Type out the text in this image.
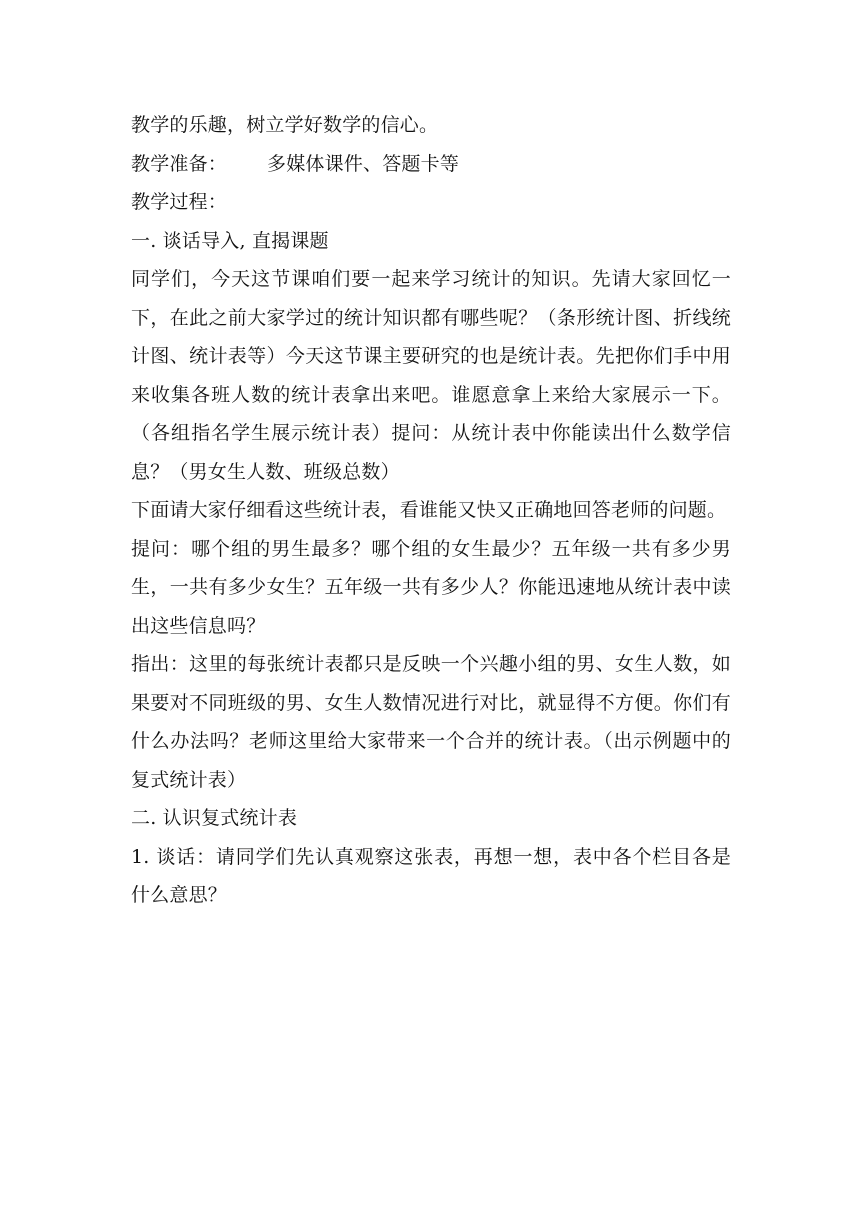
教学的乐趣，树立学好数学的信心。

教学准备： 多媒体课件、答题卡等

教学过程：

一. 谈话导入, 直揭课题

同学们，今天这节课咱们要一起来学习统计的知识。先请大家回忆一下，在此之前大家学过的统计知识都有哪些呢？（条形统计图、折线统计图、统计表等）今天这节课主要研究的也是统计表。先把你们手中用来收集各班人数的统计表拿出来吧。谁愿意拿上来给大家展示一下。（各组指名学生展示统计表）提问：从统计表中你能读出什么数学信息？（男女生人数、班级总数）

下面请大家仔细看这些统计表，看谁能又快又正确地回答老师的问题。

提问：哪个组的男生最多？哪个组的女生最少？五年级一共有多少男生，一共有多少女生？五年级一共有多少人？你能迅速地从统计表中读出这些信息吗？

指出：这里的每张统计表都只是反映一个兴趣小组的男、女生人数，如果要对不同班级的男、女生人数情况进行对比，就显得不方便。你们有什么办法吗？老师这里给大家带来一个合并的统计表。（出示例题中的复式统计表）

二. 认识复式统计表

1. 谈话：请同学们先认真观察这张表，再想一想，表中各个栏目各是什么意思？
